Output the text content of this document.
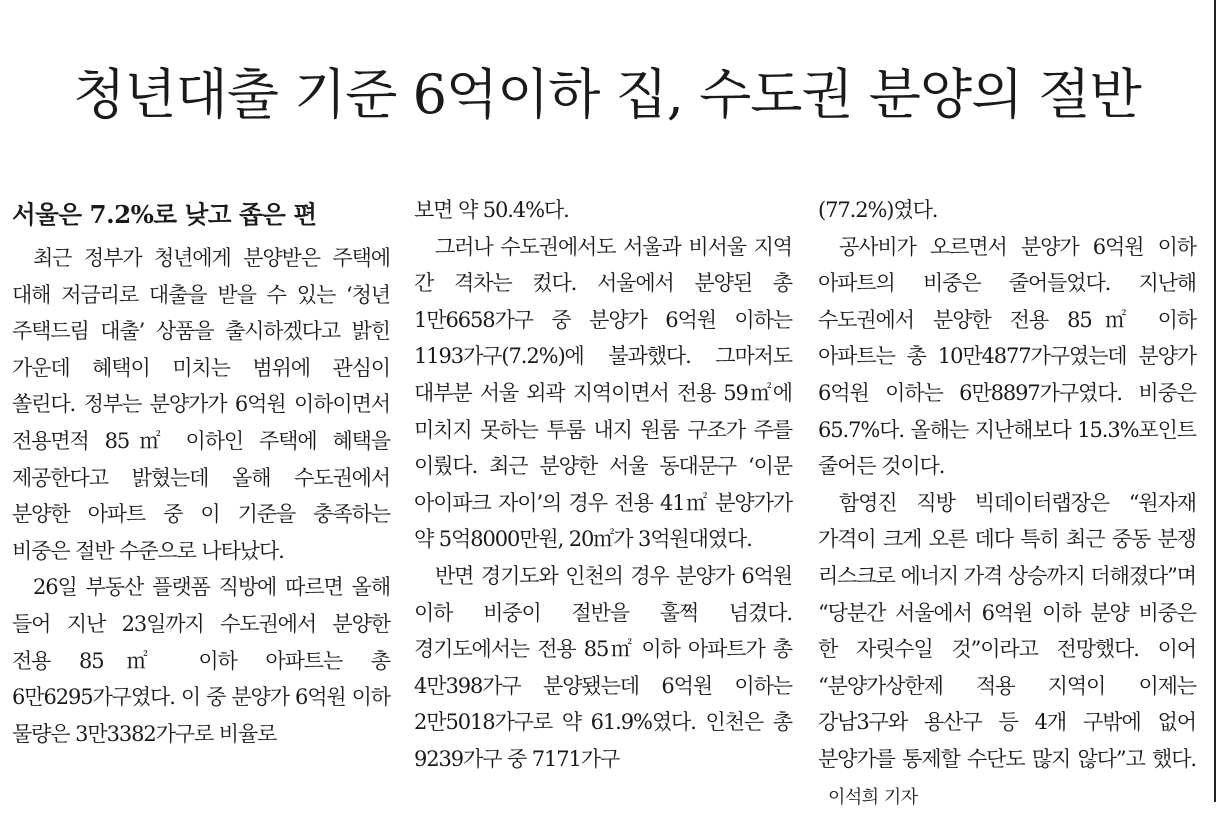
청년대출 기준 6억이하 집, 수도권 분양의 절반
서울은 7.2%로 낮고 좁은 편

최근 정부가 청년에게 분양받은 주택에 대해 저금리로 대출을 받을 수 있는 ‘청년 주택드림 대출’ 상품을 출시하겠다고 밝힌 가운데 혜택이 미치는 범위에 관심이 쏠린다. 정부는 분양가가 6억원 이하이면서 전용면적 85㎡ 이하인 주택에 혜택을 제공한다고 밝혔는데 올해 수도권에서 분양한 아파트 중 이 기준을 충족하는 비중은 절반 수준으로 나타났다.

26일 부동산 플랫폼 직방에 따르면 올해 들어 지난 23일까지 수도권에서 분양한 전용 85㎡ 이하 아파트는 총 6만6295가구였다. 이 중 분양가 6억원 이하 물량은 3만3382가구로 비율로

보면 약 50.4%다.

그러나 수도권에서도 서울과 비서울 지역 간 격차는 컸다. 서울에서 분양된 총 1만6658가구 중 분양가 6억원 이하는 1193가구(7.2%)에 불과했다. 그마저도 대부분 서울 외곽 지역이면서 전용 59㎡에 미치지 못하는 투룸 내지 원룸 구조가 주를 이뤘다. 최근 분양한 서울 동대문구 ‘이문 아이파크 자이’의 경우 전용 41㎡ 분양가가 약 5억8000만원, 20㎡가 3억원대였다.

반면 경기도와 인천의 경우 분양가 6억원 이하 비중이 절반을 훌쩍 넘겼다. 경기도에서는 전용 85㎡ 이하 아파트가 총 4만398가구 분양됐는데 6억원 이하는 2만5018가구로 약 61.9%였다. 인천은 총 9239가구 중 7171가구

(77.2%)였다.

공사비가 오르면서 분양가 6억원 이하 아파트의 비중은 줄어들었다. 지난해 수도권에서 분양한 전용 85㎡ 이하 아파트는 총 10만4877가구였는데 분양가 6억원 이하는 6만8897가구였다. 비중은 65.7%다. 올해는 지난해보다 15.3%포인트 줄어든 것이다.

함영진 직방 빅데이터랩장은 “원자재 가격이 크게 오른 데다 특히 최근 중동 분쟁 리스크로 에너지 가격 상승까지 더해졌다”며 “당분간 서울에서 6억원 이하 분양 비중은 한 자릿수일 것”이라고 전망했다. 이어 “분양가상한제 적용 지역이 이제는 강남3구와 용산구 등 4개 구밖에 없어 분양가를 통제할 수단도 많지 않다”고 했다.이석희 기자
